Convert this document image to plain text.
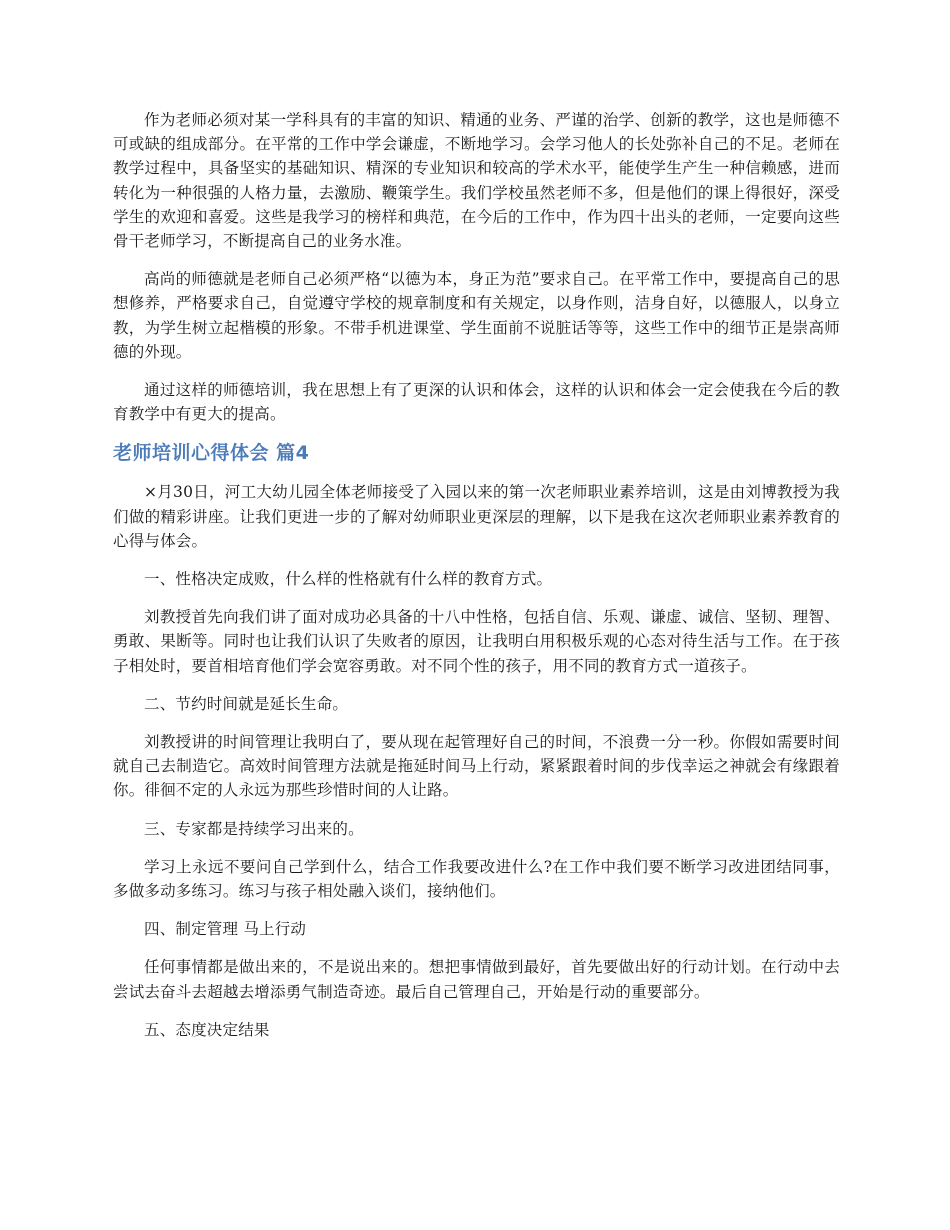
作为老师必须对某一学科具有的丰富的知识、精通的业务、严谨的治学、创新的教学，这也是师德不可或缺的组成部分。在平常的工作中学会谦虚，不断地学习。会学习他人的长处弥补自己的不足。老师在教学过程中，具备坚实的基础知识、精深的专业知识和较高的学术水平，能使学生产生一种信赖感，进而转化为一种很强的人格力量，去激励、鞭策学生。我们学校虽然老师不多，但是他们的课上得很好，深受学生的欢迎和喜爱。这些是我学习的榜样和典范，在今后的工作中，作为四十出头的老师，一定要向这些骨干老师学习，不断提高自己的业务水准。

高尚的师德就是老师自己必须严格“以德为本，身正为范”要求自己。在平常工作中，要提高自己的思想修养，严格要求自己，自觉遵守学校的规章制度和有关规定，以身作则，洁身自好，以德服人，以身立教，为学生树立起楷模的形象。不带手机进课堂、学生面前不说脏话等等，这些工作中的细节正是崇高师德的外现。

通过这样的师德培训，我在思想上有了更深的认识和体会，这样的认识和体会一定会使我在今后的教育教学中有更大的提高。

老师培训心得体会 篇4

×月30日，河工大幼儿园全体老师接受了入园以来的第一次老师职业素养培训，这是由刘博教授为我们做的精彩讲座。让我们更进一步的了解对幼师职业更深层的理解，以下是我在这次老师职业素养教育的心得与体会。

一、性格决定成败，什么样的性格就有什么样的教育方式。

刘教授首先向我们讲了面对成功必具备的十八中性格，包括自信、乐观、谦虚、诚信、坚韧、理智、勇敢、果断等。同时也让我们认识了失败者的原因，让我明白用积极乐观的心态对待生活与工作。在于孩子相处时，要首相培育他们学会宽容勇敢。对不同个性的孩子，用不同的教育方式一道孩子。

二、节约时间就是延长生命。

刘教授讲的时间管理让我明白了，要从现在起管理好自己的时间，不浪费一分一秒。你假如需要时间就自己去制造它。高效时间管理方法就是拖延时间马上行动，紧紧跟着时间的步伐幸运之神就会有缘跟着你。徘徊不定的人永远为那些珍惜时间的人让路。

三、专家都是持续学习出来的。

学习上永远不要问自己学到什么，结合工作我要改进什么?在工作中我们要不断学习改进团结同事，多做多动多练习。练习与孩子相处融入谈们，接纳他们。

四、制定管理 马上行动

任何事情都是做出来的，不是说出来的。想把事情做到最好，首先要做出好的行动计划。在行动中去尝试去奋斗去超越去增添勇气制造奇迹。最后自己管理自己，开始是行动的重要部分。

五、态度决定结果
